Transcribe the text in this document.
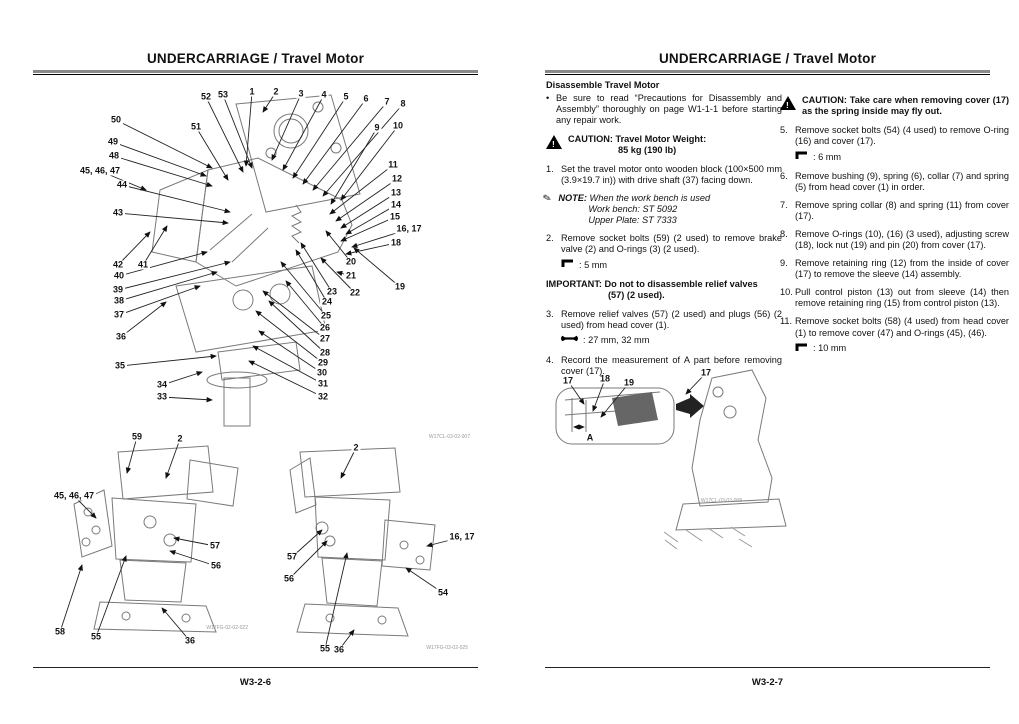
W17CL-03-02-007
W17FG-02-02-022
W17FG-03-02-025
W17CL-03-02-008
52 53 1 2 3 4 5 6 7 8
9 10
50
51
49
48
45, 46, 47
44
43
42 41
40
39
38
37
36
35
34
33
11
12
13
14
15
16, 17
18
19
20
21
22
23
24
25
26
27
28
29
30
31
32
59	2
45, 46, 47
57
56
58	55	36
2
16, 17
57
56
54
55 36
17	18 19
17
A
UNDERCARRIAGE / Travel Motor
W3-2-6
UNDERCARRIAGE / Travel Motor
W3-2-7
Disassemble Travel Motor
• Be sure to read “Precautions for Disassembly and Assembly” thoroughly on page W1-1-1 before starting any repair work.
! CAUTION: Travel Motor Weight:
85 kg (190 lb)
1. Set the travel motor onto wooden block (100×500 mm (3.9×19.7 in)) with drive shaft (37) facing down.
✎ NOTE: When the work bench is used
Work bench: ST 5092
Upper Plate: ST 7333
2. Remove socket bolts (59) (2 used) to remove brake valve (2) and O-rings (3) (2 used).
: 5 mm
IMPORTANT: Do not to disassemble relief valves
(57) (2 used).
3. Remove relief valves (57) (2 used) and plugs (56) (2 used) from head cover (1).
: 27 mm, 32 mm
4. Record the measurement of A part before removing cover (17).
! CAUTION: Take care when removing cover (17) as the spring inside may fly out.
5. Remove socket bolts (54) (4 used) to remove O-ring (16) and cover (17).
: 6 mm
6. Remove bushing (9), spring (6), collar (7) and spring (5) from head cover (1) in order.
7. Remove spring collar (8) and spring (11) from cover (17).
8. Remove O-rings (10), (16) (3 used), adjusting screw (18), lock nut (19) and pin (20) from cover (17).
9. Remove retaining ring (12) from the inside of cover (17) to remove the sleeve (14) assembly.
10. Pull control piston (13) out from sleeve (14) then remove retaining ring (15) from control piston (13).
11. Remove socket bolts (58) (4 used) from head cover (1) to remove cover (47) and O-rings (45), (46).
: 10 mm
